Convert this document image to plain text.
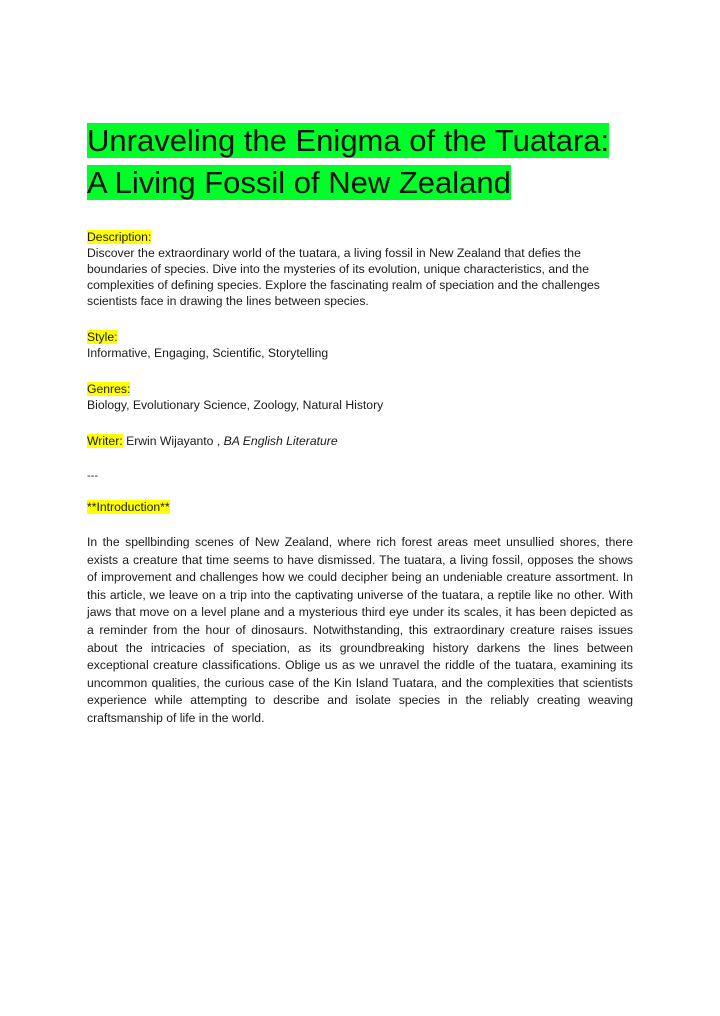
Unraveling the Enigma of the Tuatara:
A Living Fossil of New Zealand

Description:

Discover the extraordinary world of the tuatara, a living fossil in New Zealand that defies the boundaries of species. Dive into the mysteries of its evolution, unique characteristics, and the complexities of defining species. Explore the fascinating realm of speciation and the challenges scientists face in drawing the lines between species.

Style:

Informative, Engaging, Scientific, Storytelling

Genres:

Biology, Evolutionary Science, Zoology, Natural History

Writer: Erwin Wijayanto , BA English Literature

---
**Introduction**

In the spellbinding scenes of New Zealand, where rich forest areas meet unsullied shores, there exists a creature that time seems to have dismissed. The tuatara, a living fossil, opposes the shows of improvement and challenges how we could decipher being an undeniable creature assortment. In this article, we leave on a trip into the captivating universe of the tuatara, a reptile like no other. With jaws that move on a level plane and a mysterious third eye under its scales, it has been depicted as a reminder from the hour of dinosaurs. Notwithstanding, this extraordinary creature raises issues about the intricacies of speciation, as its groundbreaking history darkens the lines between exceptional creature classifications. Oblige us as we unravel the riddle of the tuatara, examining its uncommon qualities, the curious case of the Kin Island Tuatara, and the complexities that scientists experience while attempting to describe and isolate species in the reliably creating weaving craftsmanship of life in the world.
